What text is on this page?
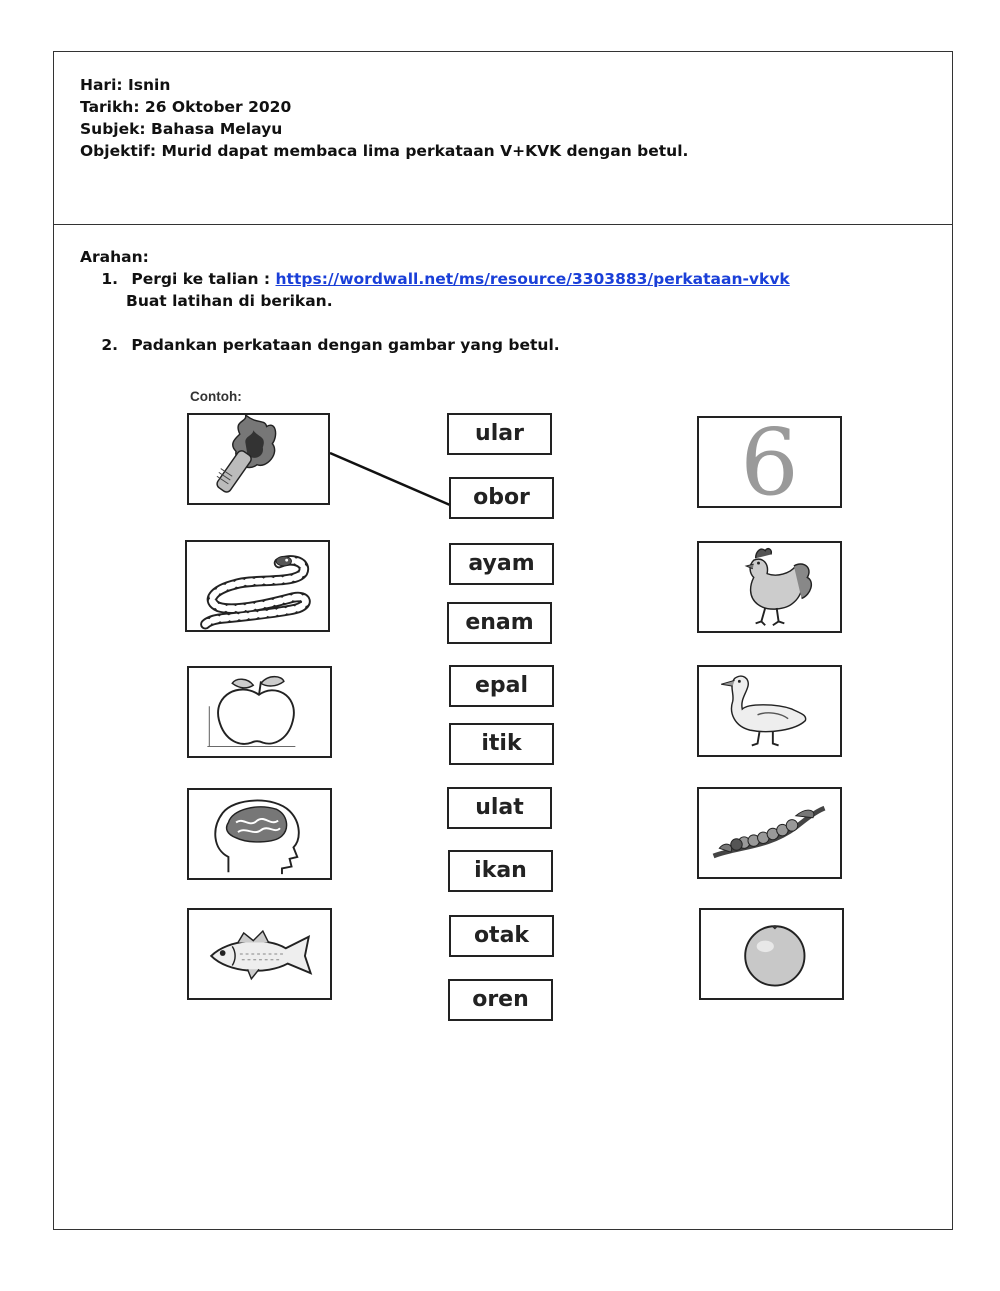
Hari: Isnin
Tarikh: 26 Oktober 2020
Subjek: Bahasa Melayu
Objektif: Murid dapat membaca lima perkataan V+KVK dengan betul.
Arahan:
1. Pergi ke talian : https://wordwall.net/ms/resource/3303883/perkataan-vkvk
Buat latihan di berikan.
2. Padankan perkataan dengan gambar yang betul.
Contoh:
ular
obor
ayam
enam
epal
itik
ulat
ikan
otak
oren
6
